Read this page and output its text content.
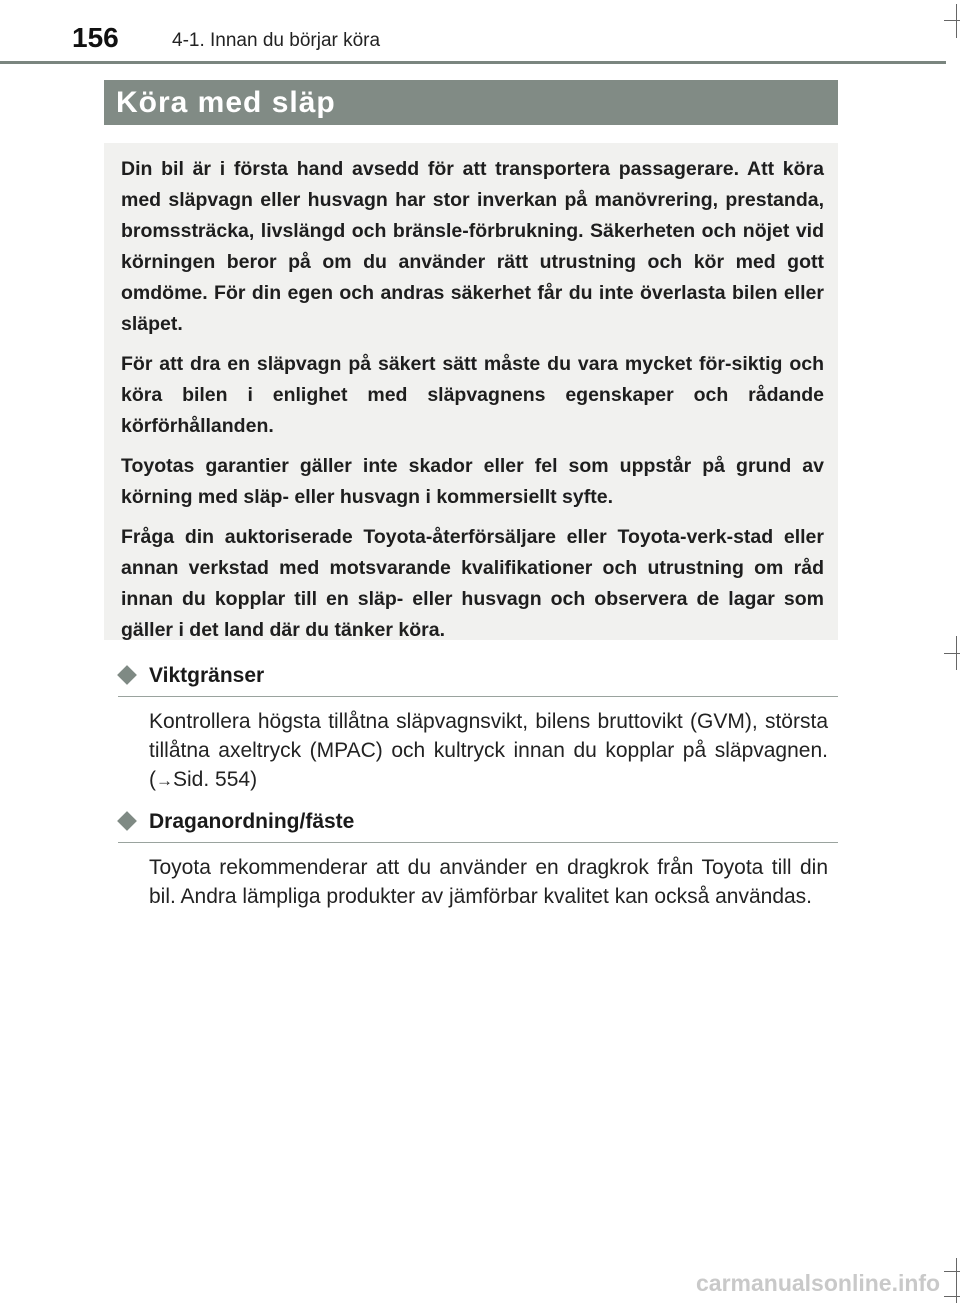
156	4-1. Innan du börjar köra
Köra med släp

Din bil är i första hand avsedd för att transportera passagerare. Att köra med släpvagn eller husvagn har stor inverkan på manövrering, prestanda, bromssträcka, livslängd och bränsle-förbrukning. Säkerheten och nöjet vid körningen beror på om du använder rätt utrustning och kör med gott omdöme. För din egen och andras säkerhet får du inte överlasta bilen eller släpet.

För att dra en släpvagn på säkert sätt måste du vara mycket för-siktig och köra bilen i enlighet med släpvagnens egenskaper och rådande körförhållanden.

Toyotas garantier gäller inte skador eller fel som uppstår på grund av körning med släp- eller husvagn i kommersiellt syfte.

Fråga din auktoriserade Toyota-återförsäljare eller Toyota-verk-stad eller annan verkstad med motsvarande kvalifikationer och utrustning om råd innan du kopplar till en släp- eller husvagn och observera de lagar som gäller i det land där du tänker köra.

Viktgränser

Kontrollera högsta tillåtna släpvagnsvikt, bilens bruttovikt (GVM), största tillåtna axeltryck (MPAC) och kultryck innan du kopplar på släpvagnen. (→Sid. 554)

Draganordning/fäste

Toyota rekommenderar att du använder en dragkrok från Toyota till din bil. Andra lämpliga produkter av jämförbar kvalitet kan också användas.

carmanualsonline.info
